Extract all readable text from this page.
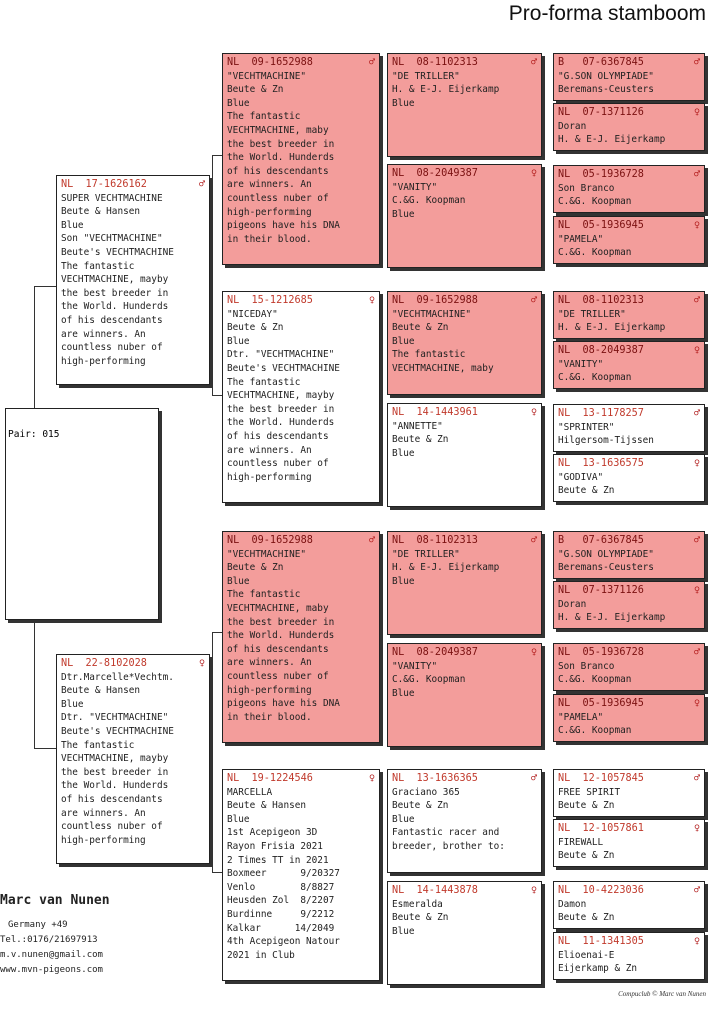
Pro-forma stamboom
Pair: 015
NL  17-1626162	♂
SUPER VECHTMACHINE
Beute & Hansen
Blue
Son "VECHTMACHINE"
Beute's VECHTMACHINE
The fantastic
VECHTMACHINE, mayby
the best breeder in
the World. Hunderds
of his descendants
are winners. An
countless nuber of
high-performing
NL  22-8102028	♀
Dtr.Marcelle*Vechtm.
Beute & Hansen
Blue
Dtr. "VECHTMACHINE"
Beute's VECHTMACHINE
The fantastic
VECHTMACHINE, mayby
the best breeder in
the World. Hunderds
of his descendants
are winners. An
countless nuber of
high-performing
NL  09-1652988	♂
"VECHTMACHINE"
Beute & Zn
Blue
The fantastic
VECHTMACHINE, maby
the best breeder in
the World. Hunderds
of his descendants
are winners. An
countless nuber of
high-performing
pigeons have his DNA
in their blood.
NL  15-1212685	♀
"NICEDAY"
Beute & Zn
Blue
Dtr. "VECHTMACHINE"
Beute's VECHTMACHINE
The fantastic
VECHTMACHINE, mayby
the best breeder in
the World. Hunderds
of his descendants
are winners. An
countless nuber of
high-performing
NL  09-1652988	♂
"VECHTMACHINE"
Beute & Zn
Blue
The fantastic
VECHTMACHINE, maby
the best breeder in
the World. Hunderds
of his descendants
are winners. An
countless nuber of
high-performing
pigeons have his DNA
in their blood.
NL  19-1224546	♀
MARCELLA
Beute & Hansen
Blue
1st Acepigeon 3D
Rayon Frisia 2021
2 Times TT in 2021
Boxmeer      9/20327
Venlo        8/8827
Heusden Zol  8/2207
Burdinne     9/2212
Kalkar      14/2049
4th Acepigeon Natour
2021 in Club
NL  08-1102313	♂
"DE TRILLER"
H. & E-J. Eijerkamp
Blue
NL  08-2049387	♀
"VANITY"
C.&G. Koopman
Blue
NL  09-1652988	♂
"VECHTMACHINE"
Beute & Zn
Blue
The fantastic
VECHTMACHINE, maby
NL  14-1443961	♀
"ANNETTE"
Beute & Zn
Blue
NL  08-1102313	♂
"DE TRILLER"
H. & E-J. Eijerkamp
Blue
NL  08-2049387	♀
"VANITY"
C.&G. Koopman
Blue
NL  13-1636365	♂
Graciano 365
Beute & Zn
Blue
Fantastic racer and
breeder, brother to:
NL  14-1443878	♀
Esmeralda
Beute & Zn
Blue
B   07-6367845	♂
"G.SON OLYMPIADE"
Beremans-Ceusters
NL  07-1371126	♀
Doran
H. & E-J. Eijerkamp
NL  05-1936728	♂
Son Branco
C.&G. Koopman
NL  05-1936945	♀
"PAMELA"
C.&G. Koopman
NL  08-1102313	♂
"DE TRILLER"
H. & E-J. Eijerkamp
NL  08-2049387	♀
"VANITY"
C.&G. Koopman
NL  13-1178257	♂
"SPRINTER"
Hilgersom-Tijssen
NL  13-1636575	♀
"GODIVA"
Beute & Zn
B   07-6367845	♂
"G.SON OLYMPIADE"
Beremans-Ceusters
NL  07-1371126	♀
Doran
H. & E-J. Eijerkamp
NL  05-1936728	♂
Son Branco
C.&G. Koopman
NL  05-1936945	♀
"PAMELA"
C.&G. Koopman
NL  12-1057845	♂
FREE SPIRIT
Beute & Zn
NL  12-1057861	♀
FIREWALL
Beute & Zn
NL  10-4223036	♂
Damon
Beute & Zn
NL  11-1341305	♀
Elioenai-E
Eijerkamp & Zn
Marc van Nunen
Germany +49
Tel.:0176/21697913
m.v.nunen@gmail.com
www.mvn-pigeons.com
Compuclub © Marc van Nunen
